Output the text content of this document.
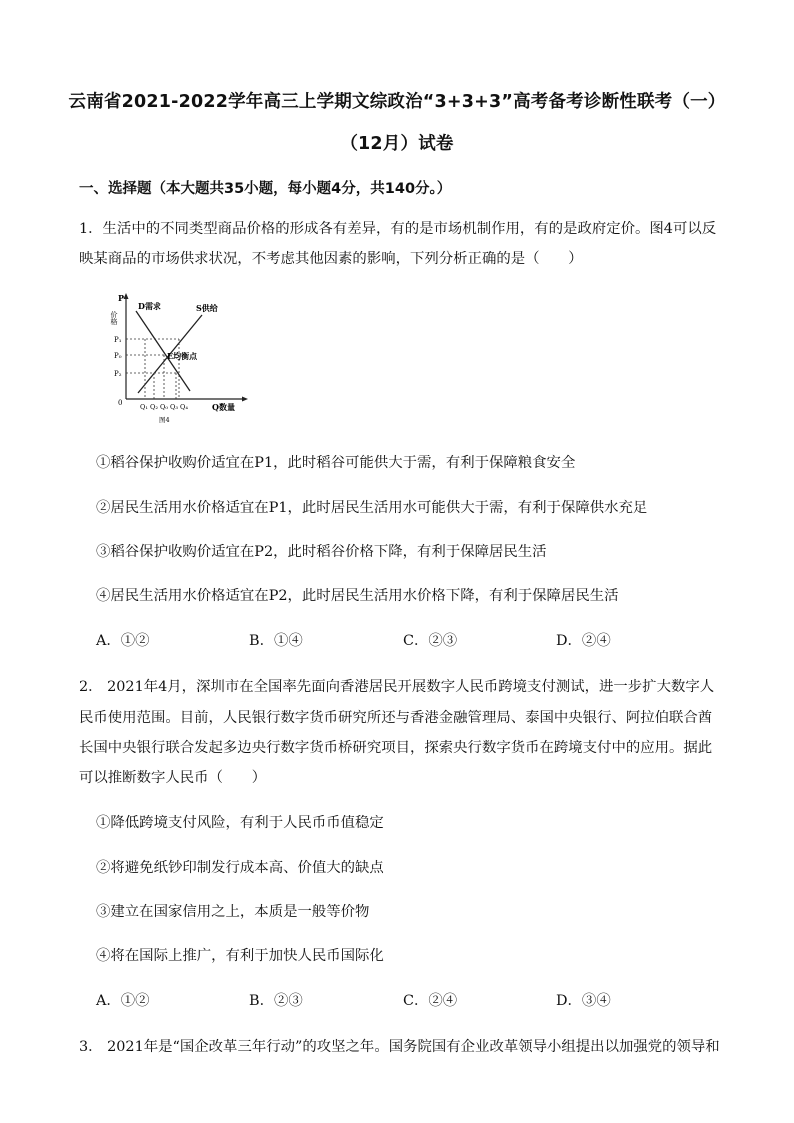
云南省2021-2022学年高三上学期文综政治“3+3+3”高考备考诊断性联考（一）
（12月）试卷
一、选择题（本大题共35小题，每小题4分，共140分。）
1．生活中的不同类型商品价格的形成各有差异，有的是市场机制作用，有的是政府定价。图4可以反
映某商品的市场供求状况，不考虑其他因素的影响，下列分析正确的是（　　）
P
价格
0
D需求	S供给
E均衡点
P₁
P₀
P₂
Q₁ Q₂ Q₀ Q₃ Q₄	Q数量
图4
①稻谷保护收购价适宜在P1，此时稻谷可能供大于需，有利于保障粮食安全
②居民生活用水价格适宜在P1，此时居民生活用水可能供大于需，有利于保障供水充足
③稻谷保护收购价适宜在P2，此时稻谷价格下降，有利于保障居民生活
④居民生活用水价格适宜在P2，此时居民生活用水价格下降，有利于保障居民生活
A．①②	B．①④	C．②③	D．②④
2． 2021年4月，深圳市在全国率先面向香港居民开展数字人民币跨境支付测试，进一步扩大数字人
民币使用范围。目前，人民银行数字货币研究所还与香港金融管理局、泰国中央银行、阿拉伯联合酋
长国中央银行联合发起多边央行数字货币桥研究项目，探索央行数字货币在跨境支付中的应用。据此
可以推断数字人民币（　　）
①降低跨境支付风险，有利于人民币币值稳定
②将避免纸钞印制发行成本高、价值大的缺点
③建立在国家信用之上，本质是一般等价物
④将在国际上推广，有利于加快人民币国际化
A．①②	B．②③	C．②④	D．③④
3． 2021年是“国企改革三年行动”的攻坚之年。国务院国有企业改革领导小组提出以加强党的领导和
